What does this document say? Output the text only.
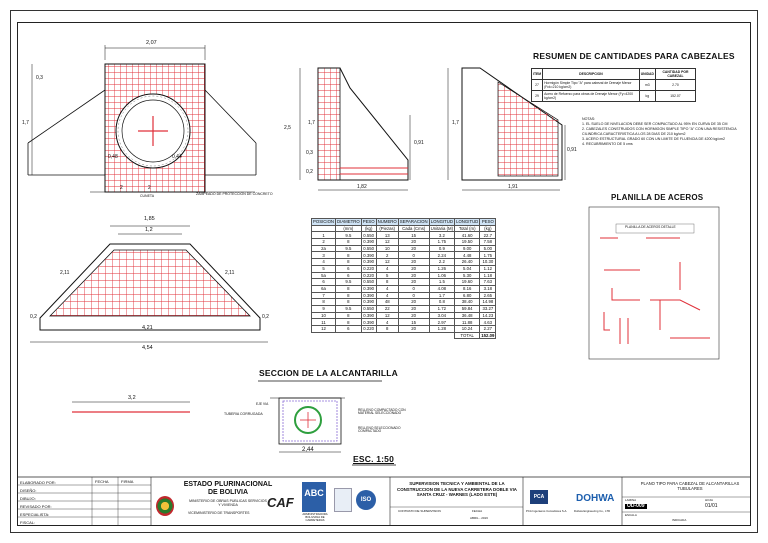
2,07
0,3
1,7
0,48	0,44
2
2,5
1,7
1,82
0,91
0,3
0,2
1,7
1,91
0,91
1,85
1,2
2,11	2,11
0,2	0,2
4,21
4,54
3,2
2,44
2
CUNETA	ZAMPEADO DE PROTECCION DE CONCRETO
TUBERIA CORRUGADA
RELLENO COMPACTADO CON MATERIAL SELECCIONADO
RELLENO SELECCIONADO COMPACTADO
EJE VIA
SECCION DE LA ALCANTARILLA
ESC. 1:50
RESUMEN DE CANTIDADES PARA CABEZALES
ITEM	DESCRIPCION	UNIDAD	CANTIDAD POR CABEZAL
27	Hormigón Simple Tipo "A" para cabezal de Drenaje Menor (Fck=210 kg/cm2)	m3	2.70
29	Acero de Refuerzo para obras de Drenaje Menor (Fy=4200 kg/cm2)	kg	152.07
NOTAS:
1. EL SUELO DE NIVELACION DEBE SER COMPACTADO AL 95% EN CURVA DE 35 CM
2. CABEZALES CONSTRUIDOS CON HORMIGON SIMPLE TIPO "A" CON UNA RESISTENCIA CILINDRICA CARACTERISTICA A LOS 28 DIAS DE 210 kg/cm2
3. ACERO ESTRUCTURAL GRADO 60 CON UN LIMITE DE FLUENCIA DE 4200 kg/cm2
4. RECUBRIMIENTO DE 5 cms
PLANILLA DE ACEROS
PLANILLA DE ACEROS DETALLE
POSICION	DIAMETRO	PESO	NUMERO	SEPARACION	LONGITUD	LONGITUD	PESO
	(mm)	(kg)	(Piezas)	Cada (Cms)	Unitaria (M)	Total (m)	(kg)
1	9.5	0.550	13	15	3.2	41.60	22.7
2	8	0.390	12	20	1.75	19.50	7.58
2a	9.5	0.550	10	20	0.9	9.00	5.00
3	8	0.390	2	0	2.24	4.48	1.75
4	8	0.390	12	20	2.2	26.40	10.30
5	6	0.220	4	20	1.26	5.04	1.12
5a	6	0.220	5	20	1.06	5.30	1.18
6	9.5	0.550	8	20	1.5	19.60	7.63
6a	8	0.390	4	0	4.08	8.16	3.18
7	8	0.390	4	0	1.7	6.80	2.65
8	8	0.390	48	20	0.8	38.40	14.98
9	9.5	0.550	22	20	1.72	59.84	33.27
10	8	0.390	12	20	3.04	36.48	14.23
11	8	0.390	4	15	2.97	11.88	4.63
12	6	0.220	8	20	1.28	10.24	2.27
						TOTAL	152.09
ELABORADO POR:
DISEÑO:
DIBUJO:
REVISADO POR:
ESPECIALISTA:
FISCAL:
FECHA	FIRMA	ESTADO PLURINACIONAL DE BOLIVIA
MINISTERIO DE OBRAS PUBLICAS SERVICIOS Y VIVIENDA
VICEMINISTERIO DE TRANSPORTES
CAF
ABC
ADMINISTRADORA BOLIVIANA DE CARRETERAS
ISO
SUPERVISION TECNICA Y AMBIENTAL DE LA CONSTRUCCION DE LA NUEVA CARRETERA DOBLE VIA SANTA CRUZ - WARNES (LADO ESTE)
CONTRATO DE SUPERVISION	FECHA
ABRIL - 2016
PCA
PCA Ingenieros Consultores S.A.
DOHWA
Dohwa Engineering Co., LTD
PLANO TIPO PARA CABEZAL DE ALCANTARILLAS TUBULARES
LAMINA
OD-009
HOJA
01/01
ESCALA
INDICADA
